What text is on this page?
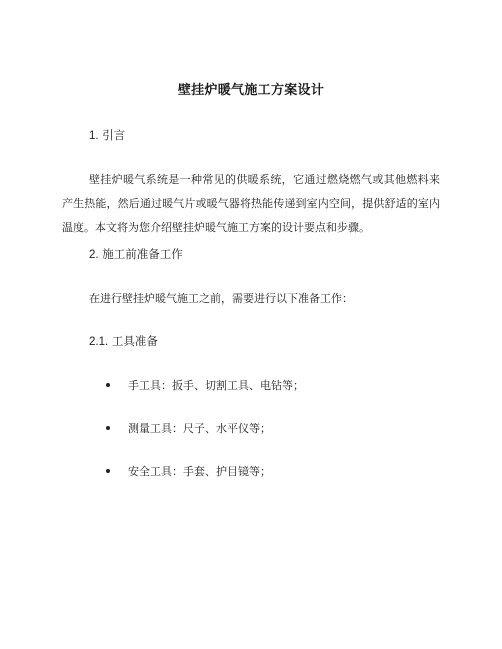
壁挂炉暖气施工方案设计
1. 引言

壁挂炉暖气系统是一种常见的供暖系统，它通过燃烧燃气或其他燃料来产生热能，然后通过暖气片或暖气器将热能传递到室内空间，提供舒适的室内温度。本文将为您介绍壁挂炉暖气施工方案的设计要点和步骤。

2. 施工前准备工作
在进行壁挂炉暖气施工之前，需要进行以下准备工作：
2.1. 工具准备
手工具：扳手、切割工具、电钻等；
测量工具：尺子、水平仪等；
安全工具：手套、护目镜等；
